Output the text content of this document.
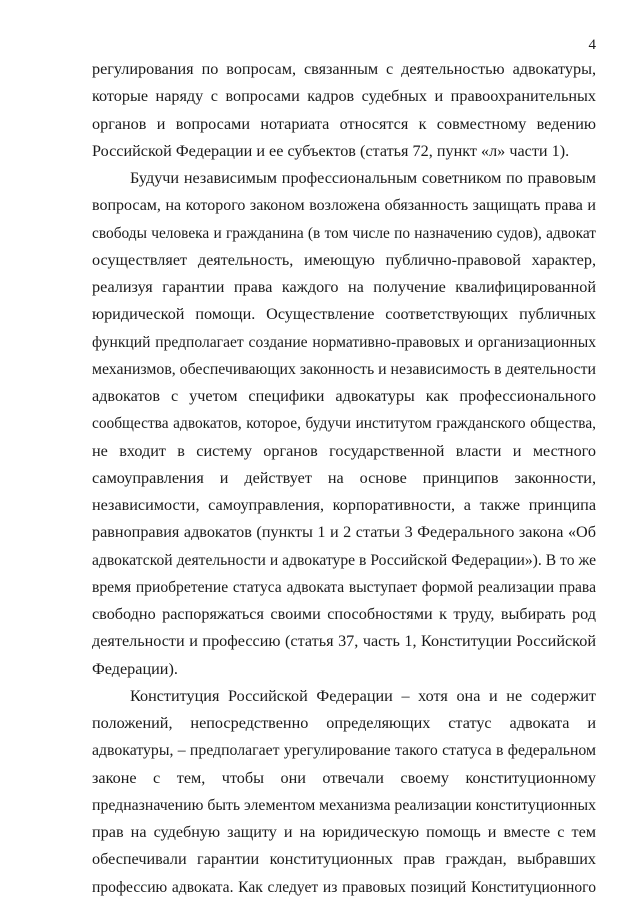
4
регулирования по вопросам, связанным с деятельностью адвокатуры,
которые наряду с вопросами кадров судебных и правоохранительных
органов и вопросами нотариата относятся к совместному ведению
Российской Федерации и ее субъектов (статья 72, пункт «л» части 1).
Будучи независимым профессиональным советником по правовым
вопросам, на которого законом возложена обязанность защищать права и
свободы человека и гражданина (в том числе по назначению судов), адвокат
осуществляет деятельность, имеющую публично-правовой характер,
реализуя гарантии права каждого на получение квалифицированной
юридической помощи. Осуществление соответствующих публичных
функций предполагает создание нормативно-правовых и организационных
механизмов, обеспечивающих законность и независимость в деятельности
адвокатов с учетом специфики адвокатуры как профессионального
сообщества адвокатов, которое, будучи институтом гражданского общества,
не входит в систему органов государственной власти и местного
самоуправления и действует на основе принципов законности,
независимости, самоуправления, корпоративности, а также принципа
равноправия адвокатов (пункты 1 и 2 статьи 3 Федерального закона «Об
адвокатской деятельности и адвокатуре в Российской Федерации»). В то же
время приобретение статуса адвоката выступает формой реализации права
свободно распоряжаться своими способностями к труду, выбирать род
деятельности и профессию (статья 37, часть 1, Конституции Российской
Федерации).
Конституция Российской Федерации – хотя она и не содержит
положений, непосредственно определяющих статус адвоката и
адвокатуры, – предполагает урегулирование такого статуса в федеральном
законе с тем, чтобы они отвечали своему конституционному
предназначению быть элементом механизма реализации конституционных
прав на судебную защиту и на юридическую помощь и вместе с тем
обеспечивали гарантии конституционных прав граждан, выбравших
профессию адвоката. Как следует из правовых позиций Конституционного
